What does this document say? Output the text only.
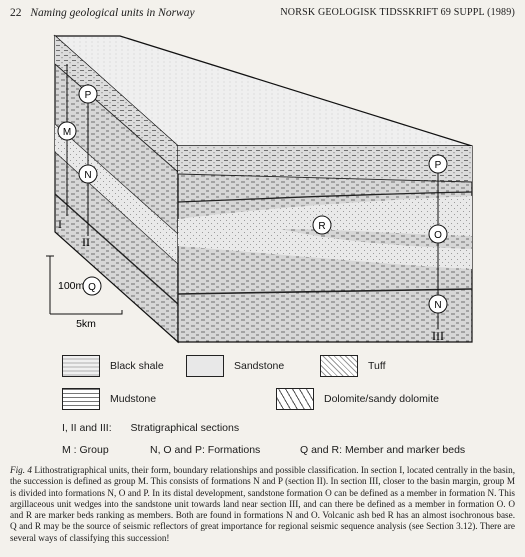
22 Naming geological units in Norway	NORSK GEOLOGISK TIDSSKRIFT 69 SUPPL (1989)
P
M
N
Q
I
II
100m
5km
P
R
O
N
III
Black shale	Sandstone	Tuff
Mudstone	Dolomite/sandy dolomite
I, II and III: Stratigraphical sections
M : Group	N, O and P: Formations	Q and R: Member and marker beds
Fig. 4 Lithostratigraphical units, their form, boundary relationships and possible classification. In section I, located centrally in the basin, the succession is defined as group M. This consists of formations N and P (section II). In section III, closer to the basin margin, group M is divided into formations N, O and P. In its distal development, sandstone formation O can be defined as a member in formation N. This argillaceous unit wedges into the sandstone unit towards land near section III, and can there be defined as a member in formation O. O and R are marker beds ranking as members. Both are found in formations N and O. Volcanic ash bed R has an almost isochronous base. Q and R may be the source of seismic reflectors of great importance for regional seismic sequence analysis (see Section 3.12). There are several ways of classifying this succession!
